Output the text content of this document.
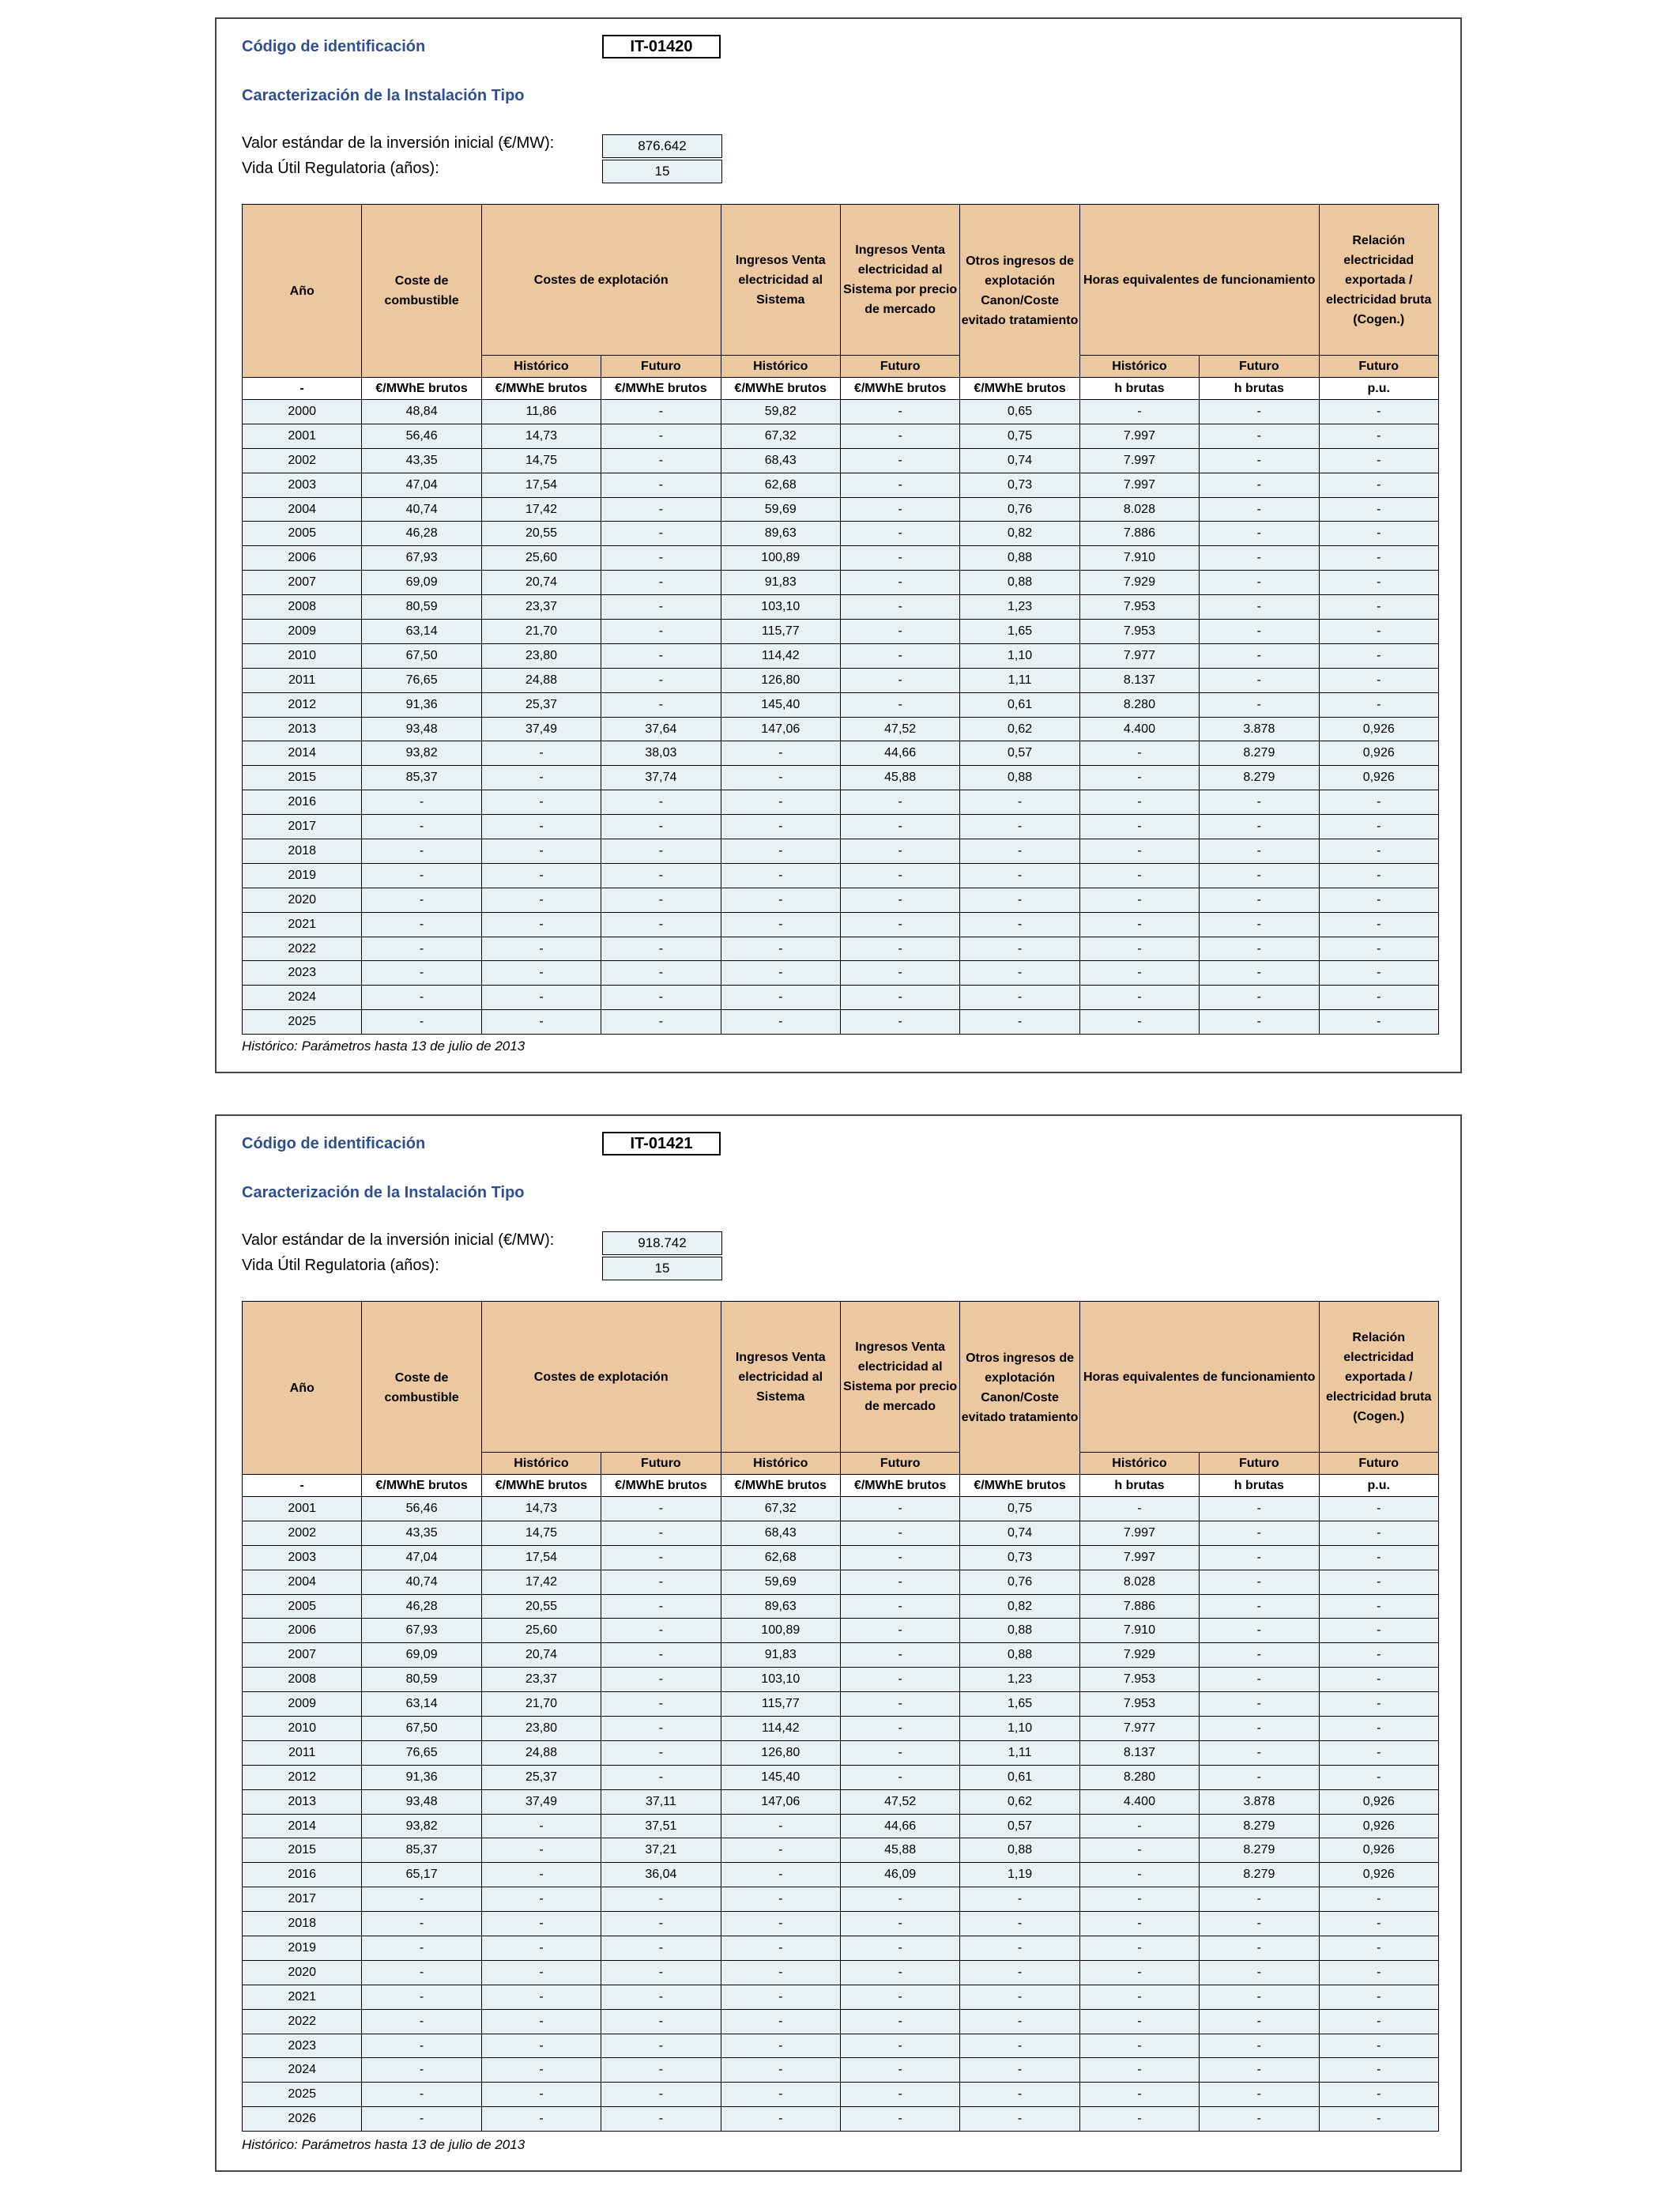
Código de identificación	IT-01420
Caracterización de la Instalación Tipo
Valor estándar de la inversión inicial (€/MW):	876.642
Vida Útil Regulatoria (años):	15
Año	Coste de combustible	Costes de explotación		Ingresos Venta electricidad al Sistema	Ingresos Venta electricidad al Sistema por precio de mercado	Otros ingresos de explotación Canon/Coste evitado tratamiento	Horas equivalentes de funcionamiento		Relación electricidad exportada / electricidad bruta (Cogen.)
		Histórico	Futuro	Histórico	Futuro		Histórico	Futuro	Futuro
-	€/MWhE brutos	€/MWhE brutos	€/MWhE brutos	€/MWhE brutos	€/MWhE brutos	€/MWhE brutos	h brutas	h brutas	p.u.
2000	48,84	11,86	-	59,82	-	0,65	-	-	-
2001	56,46	14,73	-	67,32	-	0,75	7.997	-	-
2002	43,35	14,75	-	68,43	-	0,74	7.997	-	-
2003	47,04	17,54	-	62,68	-	0,73	7.997	-	-
2004	40,74	17,42	-	59,69	-	0,76	8.028	-	-
2005	46,28	20,55	-	89,63	-	0,82	7.886	-	-
2006	67,93	25,60	-	100,89	-	0,88	7.910	-	-
2007	69,09	20,74	-	91,83	-	0,88	7.929	-	-
2008	80,59	23,37	-	103,10	-	1,23	7.953	-	-
2009	63,14	21,70	-	115,77	-	1,65	7.953	-	-
2010	67,50	23,80	-	114,42	-	1,10	7.977	-	-
2011	76,65	24,88	-	126,80	-	1,11	8.137	-	-
2012	91,36	25,37	-	145,40	-	0,61	8.280	-	-
2013	93,48	37,49	37,64	147,06	47,52	0,62	4.400	3.878	0,926
2014	93,82	-	38,03	-	44,66	0,57	-	8.279	0,926
2015	85,37	-	37,74	-	45,88	0,88	-	8.279	0,926
2016	-	-	-	-	-	-	-	-	-
2017	-	-	-	-	-	-	-	-	-
2018	-	-	-	-	-	-	-	-	-
2019	-	-	-	-	-	-	-	-	-
2020	-	-	-	-	-	-	-	-	-
2021	-	-	-	-	-	-	-	-	-
2022	-	-	-	-	-	-	-	-	-
2023	-	-	-	-	-	-	-	-	-
2024	-	-	-	-	-	-	-	-	-
2025	-	-	-	-	-	-	-	-	-
Histórico: Parámetros hasta 13 de julio de 2013
Código de identificación	IT-01421
Caracterización de la Instalación Tipo
Valor estándar de la inversión inicial (€/MW):	918.742
Vida Útil Regulatoria (años):	15
Año	Coste de combustible	Costes de explotación		Ingresos Venta electricidad al Sistema	Ingresos Venta electricidad al Sistema por precio de mercado	Otros ingresos de explotación Canon/Coste evitado tratamiento	Horas equivalentes de funcionamiento		Relación electricidad exportada / electricidad bruta (Cogen.)
		Histórico	Futuro	Histórico	Futuro		Histórico	Futuro	Futuro
-	€/MWhE brutos	€/MWhE brutos	€/MWhE brutos	€/MWhE brutos	€/MWhE brutos	€/MWhE brutos	h brutas	h brutas	p.u.
2001	56,46	14,73	-	67,32	-	0,75	-	-	-
2002	43,35	14,75	-	68,43	-	0,74	7.997	-	-
2003	47,04	17,54	-	62,68	-	0,73	7.997	-	-
2004	40,74	17,42	-	59,69	-	0,76	8.028	-	-
2005	46,28	20,55	-	89,63	-	0,82	7.886	-	-
2006	67,93	25,60	-	100,89	-	0,88	7.910	-	-
2007	69,09	20,74	-	91,83	-	0,88	7.929	-	-
2008	80,59	23,37	-	103,10	-	1,23	7.953	-	-
2009	63,14	21,70	-	115,77	-	1,65	7.953	-	-
2010	67,50	23,80	-	114,42	-	1,10	7.977	-	-
2011	76,65	24,88	-	126,80	-	1,11	8.137	-	-
2012	91,36	25,37	-	145,40	-	0,61	8.280	-	-
2013	93,48	37,49	37,11	147,06	47,52	0,62	4.400	3.878	0,926
2014	93,82	-	37,51	-	44,66	0,57	-	8.279	0,926
2015	85,37	-	37,21	-	45,88	0,88	-	8.279	0,926
2016	65,17	-	36,04	-	46,09	1,19	-	8.279	0,926
2017	-	-	-	-	-	-	-	-	-
2018	-	-	-	-	-	-	-	-	-
2019	-	-	-	-	-	-	-	-	-
2020	-	-	-	-	-	-	-	-	-
2021	-	-	-	-	-	-	-	-	-
2022	-	-	-	-	-	-	-	-	-
2023	-	-	-	-	-	-	-	-	-
2024	-	-	-	-	-	-	-	-	-
2025	-	-	-	-	-	-	-	-	-
2026	-	-	-	-	-	-	-	-	-
Histórico: Parámetros hasta 13 de julio de 2013
